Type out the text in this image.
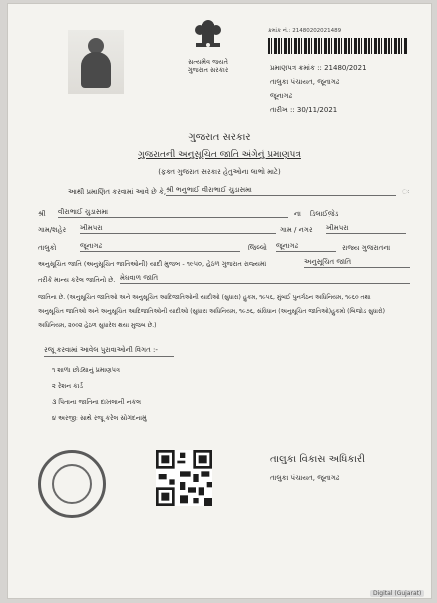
સત્યમેવ જયતે
ગુજરાત સરકાર
ક્રમાંક નં.: 21480202021489
પ્રમાણપત્ર ક્રમાંક :: 21480/2021
તાલુકા પંચાયત, જૂનાગઢ
જૂનાગઢ
તારીખ :: 30/11/2021
ગુજરાત સરકાર
ગુજરાતની અનુસૂચિત જાતિ અંગેનું પ્રમાણપત્ર
(ફક્ત ગુજરાત સરકાર હેતુઓના લાભો માટે)
આથી પ્રમાણિત કરવામાં આવે છે કે, શ્રી ભનુભાઈ વીરાભાઈ ચુડાસમા	ઃ
શ્રી વીરાભાઈ ચુડાસમા	ના ડિલાઈજ઼ેડ
ગામ/શહેર ખીમપરા	ગામ / નગર ખીમપરા
તાલુકો	જૂનાગઢ	જિલ્લો જૂનાગઢ	રાજ્ય ગુજરાતના
અનુસૂચિત જાતિ (અનુસૂચિત જાતિઓની) યાદી મુજબ - ૧૯૫૦, હેઠળ ગુજરાત રાજ્યમાં	અનુસૂચિત જાતિ
તરીકે માન્ય કરેલ જાતિનો છે. મેઘવાળ જાતિ
જાતિના છે. (અનુસૂચિત જાતિઓ અને અનુસૂચિત આદિજાતિઓની યાદીઓ (સુધારા) હુકમ, ૧૯૫૬, મુંબઈ પુનર્ગઠન અધિનિયમ, ૧૯૬૦ તથા
અનુસૂચિત જાતિઓ અને અનુસૂચિત આદિજાતિઓની યાદીઓ (સુધારા અધિનિયમ, ૧૯૭૬, સંવિધાન (અનુસૂચિત જાતિઓ)હુકમો (બિજોડ સુધારો)
અધિનિયમ, ૨૦૦૨ હેઠળ સુધારેલ થયા મુજબ છે.)
રજૂ કરવામાં આવેલ પુરાવાઓની વિગત :-
૧ શાળા છોડ્યાનું પ્રમાણપત્ર
૨ રેશન કાર્ડ
૩ પિતાના જાતિના દાખલાની નકલ
૪ અરજીઃ સાથે રજૂ કરેલ સોગંદનામું
તાલુકા વિકાસ અધિકારી
તાલુકા પંચાયત, જૂનાગઢ
Digital (Gujarat)
